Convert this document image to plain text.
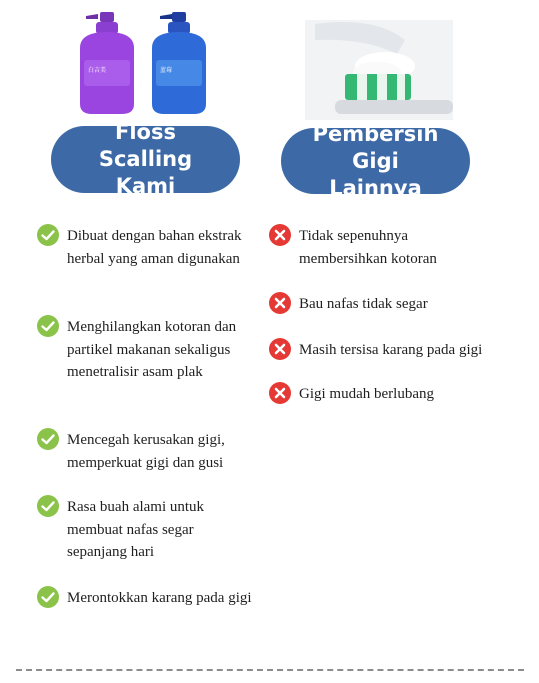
白吉美	蓝莓
Floss Scalling
Kami
Pembersih Gigi
Lainnya
Dibuat dengan bahan ekstrak herbal yang aman digunakan
Menghilangkan kotoran dan partikel makanan sekaligus menetralisir asam plak
Mencegah kerusakan gigi, memperkuat gigi dan gusi
Rasa buah alami untuk membuat nafas segar sepanjang hari
Merontokkan karang pada gigi
Tidak sepenuhnya membersihkan kotoran
Bau nafas tidak segar
Masih tersisa karang pada gigi
Gigi mudah berlubang
